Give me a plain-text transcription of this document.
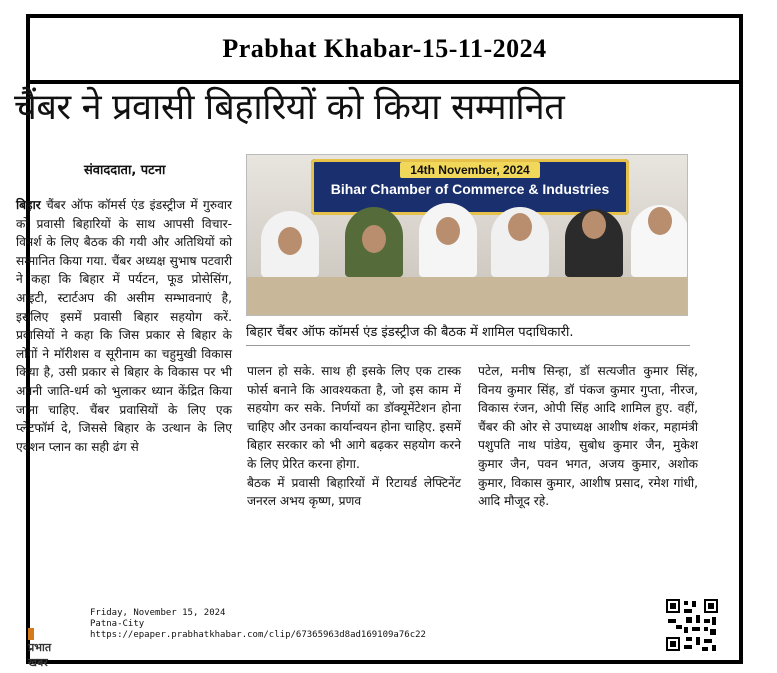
Prabhat Khabar-15-11-2024
चैंबर ने प्रवासी बिहारियों को किया सम्मानित
संवाददाता, पटना	14th November, 2024
Bihar Chamber of Commerce & Industries
बिहार चैंबर ऑफ कॉमर्स एंड इंडस्ट्रीज की बैठक में शामिल पदाधिकारी.
बिहार चैंबर ऑफ कॉमर्स एंड इंडस्ट्रीज में गुरुवार को प्रवासी बिहारियों के साथ आपसी विचार-विमर्श के लिए बैठक की गयी और अतिथियों को सम्मानित किया गया. चैंबर अध्यक्ष सुभाष पटवारी ने कहा कि बिहार में पर्यटन, फूड प्रोसेसिंग, आइटी, स्टार्टअप की असीम सम्भावनाएं है, इसलिए इसमें प्रवासी बिहार सहयोग करें. प्रवासियों ने कहा कि जिस प्रकार से बिहार के लोगों ने मॉरीशस व सूरीनाम का चहुमुखी विकास किया है, उसी प्रकार से बिहार के विकास पर भी अपनी जाति-धर्म को भुलाकर ध्यान केंद्रित किया जाना चाहिए. चैंबर प्रवासियों के लिए एक प्लेटफॉर्म दे, जिससे बिहार के उत्थान के लिए एक्शन प्लान का सही ढंग से
पालन हो सके. साथ ही इसके लिए एक टास्क फोर्स बनाने कि आवश्यकता है, जो इस काम में सहयोग कर सके. निर्णयों का डॉक्यूमेंटेशन होना चाहिए और उनका कार्यान्वयन होना चाहिए. इसमें बिहार सरकार को भी आगे बढ़कर सहयोग करने के लिए प्रेरित करना होगा.
बैठक में प्रवासी बिहारियों में रिटायर्ड लेफ्टिनेंट जनरल अभय कृष्ण, प्रणव
पटेल, मनीष सिन्हा, डॉ सत्यजीत कुमार सिंह, विनय कुमार सिंह, डॉ पंकज कुमार गुप्ता, नीरज, विकास रंजन, ओपी सिंह आदि शामिल हुए. वहीं, चैंबर की ओर से उपाध्यक्ष आशीष शंकर, महामंत्री पशुपति नाथ पांडेय, सुबोध कुमार जैन, मुकेश कुमार जैन, पवन भगत, अजय कुमार, अशोक कुमार, विकास कुमार, आशीष प्रसाद, रमेश गांधी, आदि मौजूद रहे.
प्रभात खबर
Friday, November 15, 2024
Patna-City
https://epaper.prabhatkhabar.com/clip/67365963d8ad169109a76c22
